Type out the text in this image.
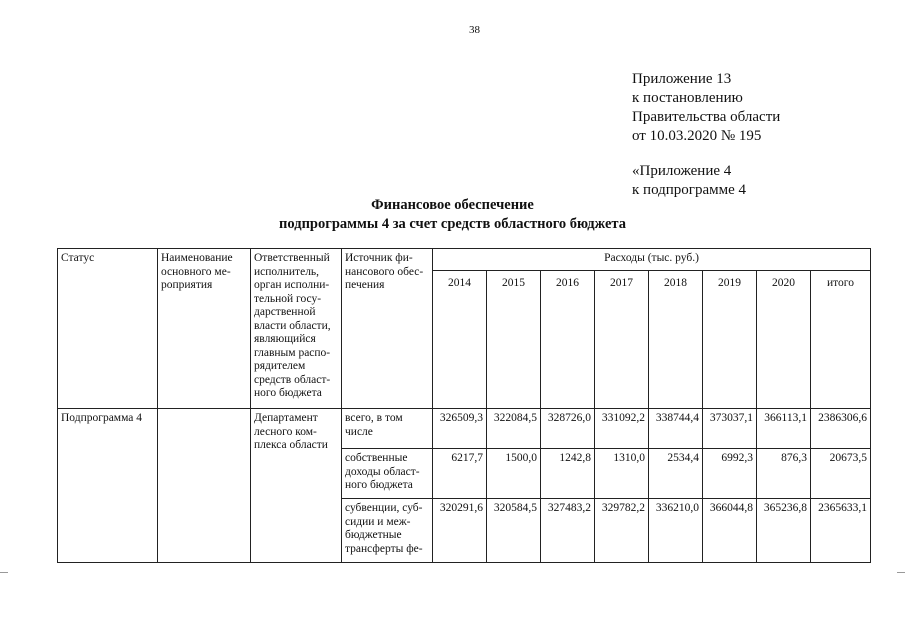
38
Приложение 13
к постановлению
Правительства области
от 10.03.2020 № 195
«Приложение 4
к подпрограмме 4
Финансовое обеспечение
подпрограммы 4 за счет средств областного бюджета
Статус	Наименование основного ме-роприятия	Ответственный исполнитель, орган исполни-тельной госу-дарственной власти области, являющийся главным распо-рядителем средств област-ного бюджета	Источник фи-нансового обес-печения	Расходы (тыс. руб.)							
				2014	2015	2016	2017	2018	2019	2020	итого
Подпрограмма 4		Департамент лесного ком-плекса области	всего, в том числе	326509,3	322084,5	328726,0	331092,2	338744,4	373037,1	366113,1	2386306,6
			собственные доходы област-ного бюджета	6217,7	1500,0	1242,8	1310,0	2534,4	6992,3	876,3	20673,5
			субвенции, суб-сидии и меж-бюджетные трансферты фе-	320291,6	320584,5	327483,2	329782,2	336210,0	366044,8	365236,8	2365633,1
